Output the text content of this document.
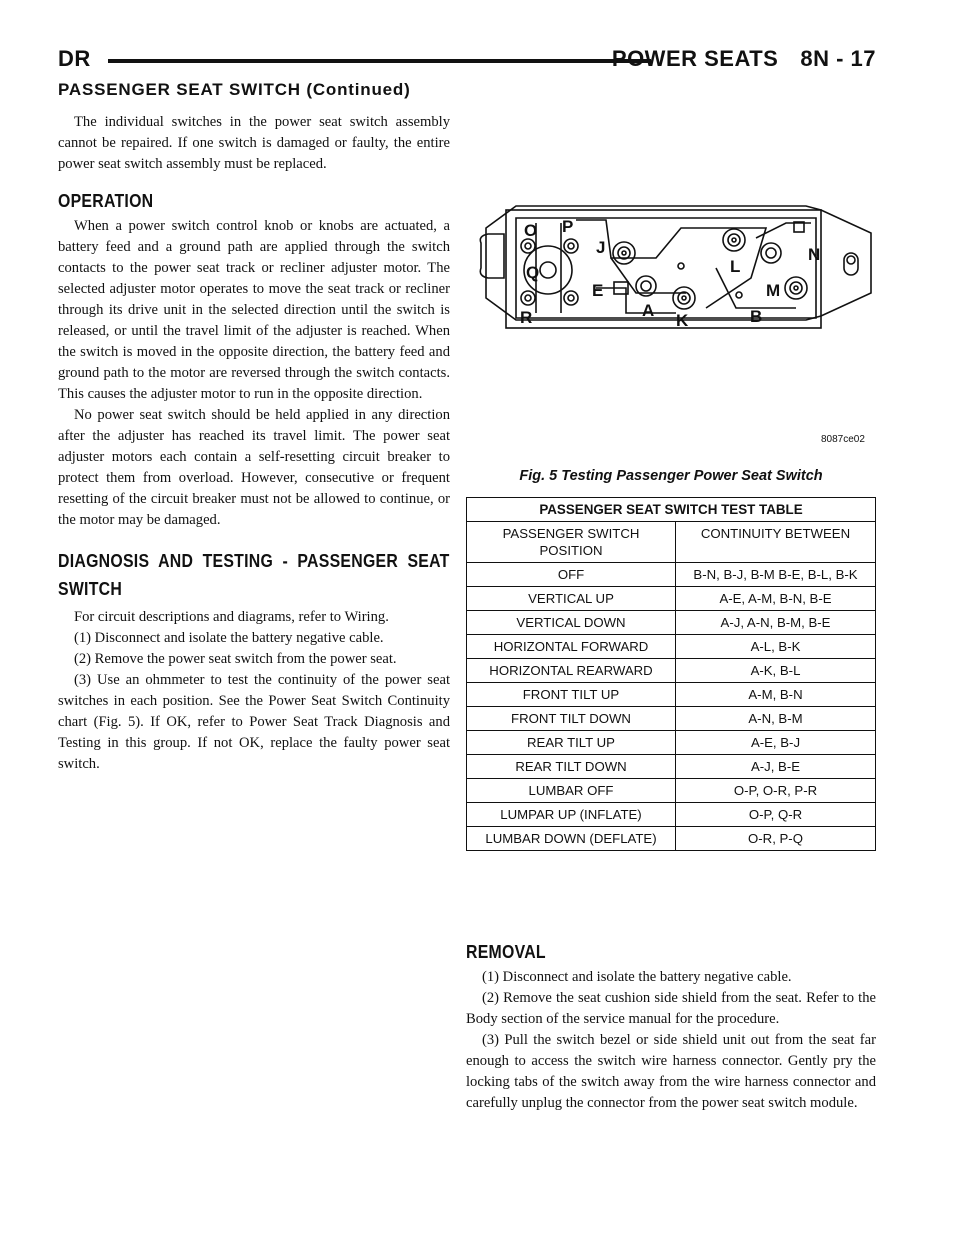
DR	POWER SEATS 8N - 17
PASSENGER SEAT SWITCH (Continued)

The individual switches in the power seat switch assembly cannot be repaired. If one switch is damaged or faulty, the entire power seat switch assembly must be replaced.

OPERATION

When a power switch control knob or knobs are actuated, a battery feed and a ground path are applied through the switch contacts to the power seat track or recliner adjuster motor. The selected adjuster motor operates to move the seat track or recliner through its drive unit in the selected direction until the switch is released, or until the travel limit of the adjuster is reached. When the switch is moved in the opposite direction, the battery feed and ground path to the motor are reversed through the switch contacts. This causes the adjuster motor to run in the opposite direction.

No power seat switch should be held applied in any direction after the adjuster has reached its travel limit. The power seat adjuster motors each contain a self-resetting circuit breaker to protect them from overload. However, consecutive or frequent resetting of the circuit breaker must not be allowed to continue, or the motor may be damaged.

DIAGNOSIS AND TESTING - PASSENGER SEAT SWITCH

For circuit descriptions and diagrams, refer to Wiring.

(1) Disconnect and isolate the battery negative cable.

(2) Remove the power seat switch from the power seat.

(3) Use an ohmmeter to test the continuity of the power seat switches in each position. See the Power Seat Switch Continuity chart (Fig. 5). If OK, refer to Power Seat Track Diagnosis and Testing in this group. If not OK, replace the faulty power seat switch.

O P
J
Q
E
R	A
K
L
N
M
B
8087ce02
Fig. 5 Testing Passenger Power Seat Switch
PASSENGER SEAT SWITCH TEST TABLE	
PASSENGER SWITCH POSITION	CONTINUITY BETWEEN
OFF	B-N, B-J, B-M B-E, B-L, B-K
VERTICAL UP	A-E, A-M, B-N, B-E
VERTICAL DOWN	A-J, A-N, B-M, B-E
HORIZONTAL FORWARD	A-L, B-K
HORIZONTAL REARWARD	A-K, B-L
FRONT TILT UP	A-M, B-N
FRONT TILT DOWN	A-N, B-M
REAR TILT UP	A-E, B-J
REAR TILT DOWN	A-J, B-E
LUMBAR OFF	O-P, O-R, P-R
LUMPAR UP (INFLATE)	O-P, Q-R
LUMBAR DOWN (DEFLATE)	O-R, P-Q
REMOVAL

(1) Disconnect and isolate the battery negative cable.

(2) Remove the seat cushion side shield from the seat. Refer to the Body section of the service manual for the procedure.

(3) Pull the switch bezel or side shield unit out from the seat far enough to access the switch wire harness connector. Gently pry the locking tabs of the switch away from the wire harness connector and carefully unplug the connector from the power seat switch module.
